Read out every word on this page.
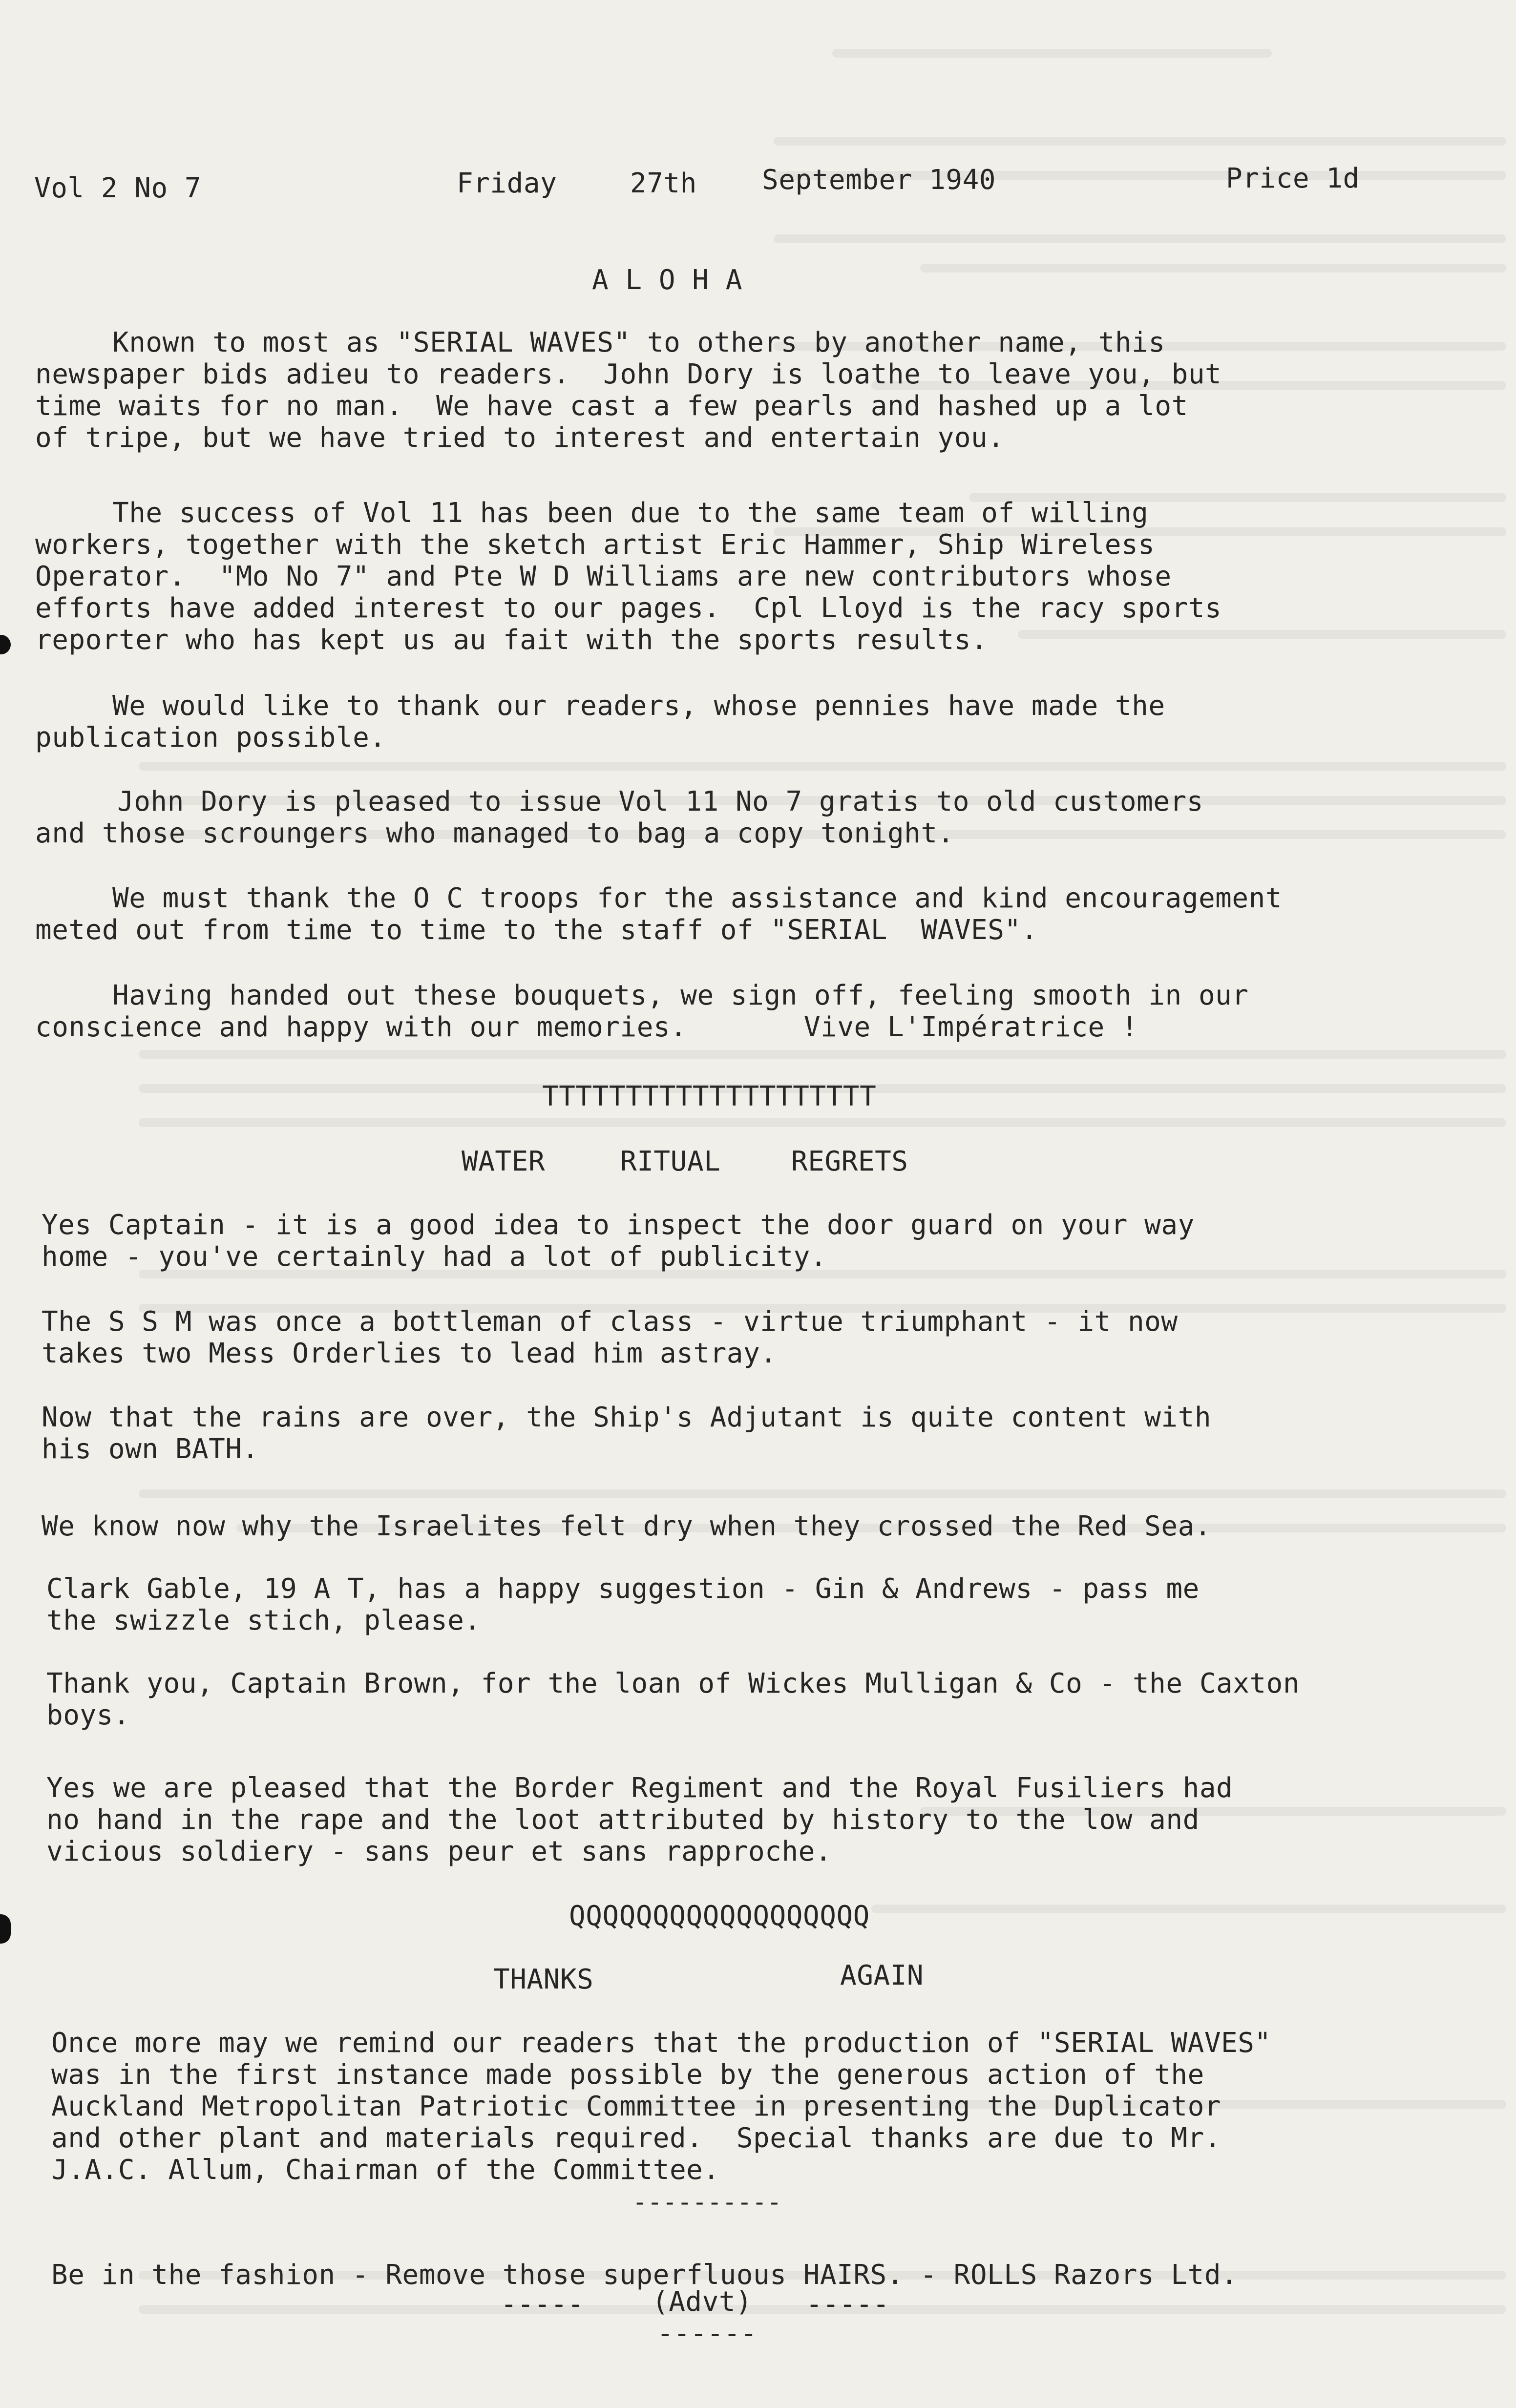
Vol 2 No 7	Friday	27th September 1940	Price 1d
A L O H A
Known to most as "SERIAL WAVES" to others by another name, this
newspaper bids adieu to readers.  John Dory is loathe to leave you, but
time waits for no man.  We have cast a few pearls and hashed up a lot
of tripe, but we have tried to interest and entertain you.
The success of Vol 11 has been due to the same team of willing
workers, together with the sketch artist Eric Hammer, Ship Wireless
Operator.  "Mo No 7" and Pte W D Williams are new contributors whose
efforts have added interest to our pages.  Cpl Lloyd is the racy sports
reporter who has kept us au fait with the sports results.
We would like to thank our readers, whose pennies have made the
publication possible.
John Dory is pleased to issue Vol 11 No 7 gratis to old customers
and those scroungers who managed to bag a copy tonight.
We must thank the O C troops for the assistance and kind encouragement
meted out from time to time to the staff of "SERIAL  WAVES".
Having handed out these bouquets, we sign off, feeling smooth in our
conscience and happy with our memories.       Vive L'Impératrice !
TTTTTTTTTTTTTTTTTTTT
WATER	RITUAL	REGRETS
Yes Captain - it is a good idea to inspect the door guard on your way
home - you've certainly had a lot of publicity.
The S S M was once a bottleman of class - virtue triumphant - it now
takes two Mess Orderlies to lead him astray.
Now that the rains are over, the Ship's Adjutant is quite content with
his own BATH.
We know now why the Israelites felt dry when they crossed the Red Sea.
Clark Gable, 19 A T, has a happy suggestion - Gin & Andrews - pass me
the swizzle stich, please.
Thank you, Captain Brown, for the loan of Wickes Mulligan & Co - the Caxton
boys.
Yes we are pleased that the Border Regiment and the Royal Fusiliers had
no hand in the rape and the loot attributed by history to the low and
vicious soldiery - sans peur et sans rapproche.
QQQQQQQQQQQQQQQQQQ
THANKS	AGAIN
Once more may we remind our readers that the production of "SERIAL WAVES"
was in the first instance made possible by the generous action of the
Auckland Metropolitan Patriotic Committee in presenting the Duplicator
and other plant and materials required.  Special thanks are due to Mr.
J.A.C. Allum, Chairman of the Committee.
----------
Be in the fashion - Remove those superfluous HAIRS. - ROLLS Razors Ltd.
----- (Advt) -----
------
